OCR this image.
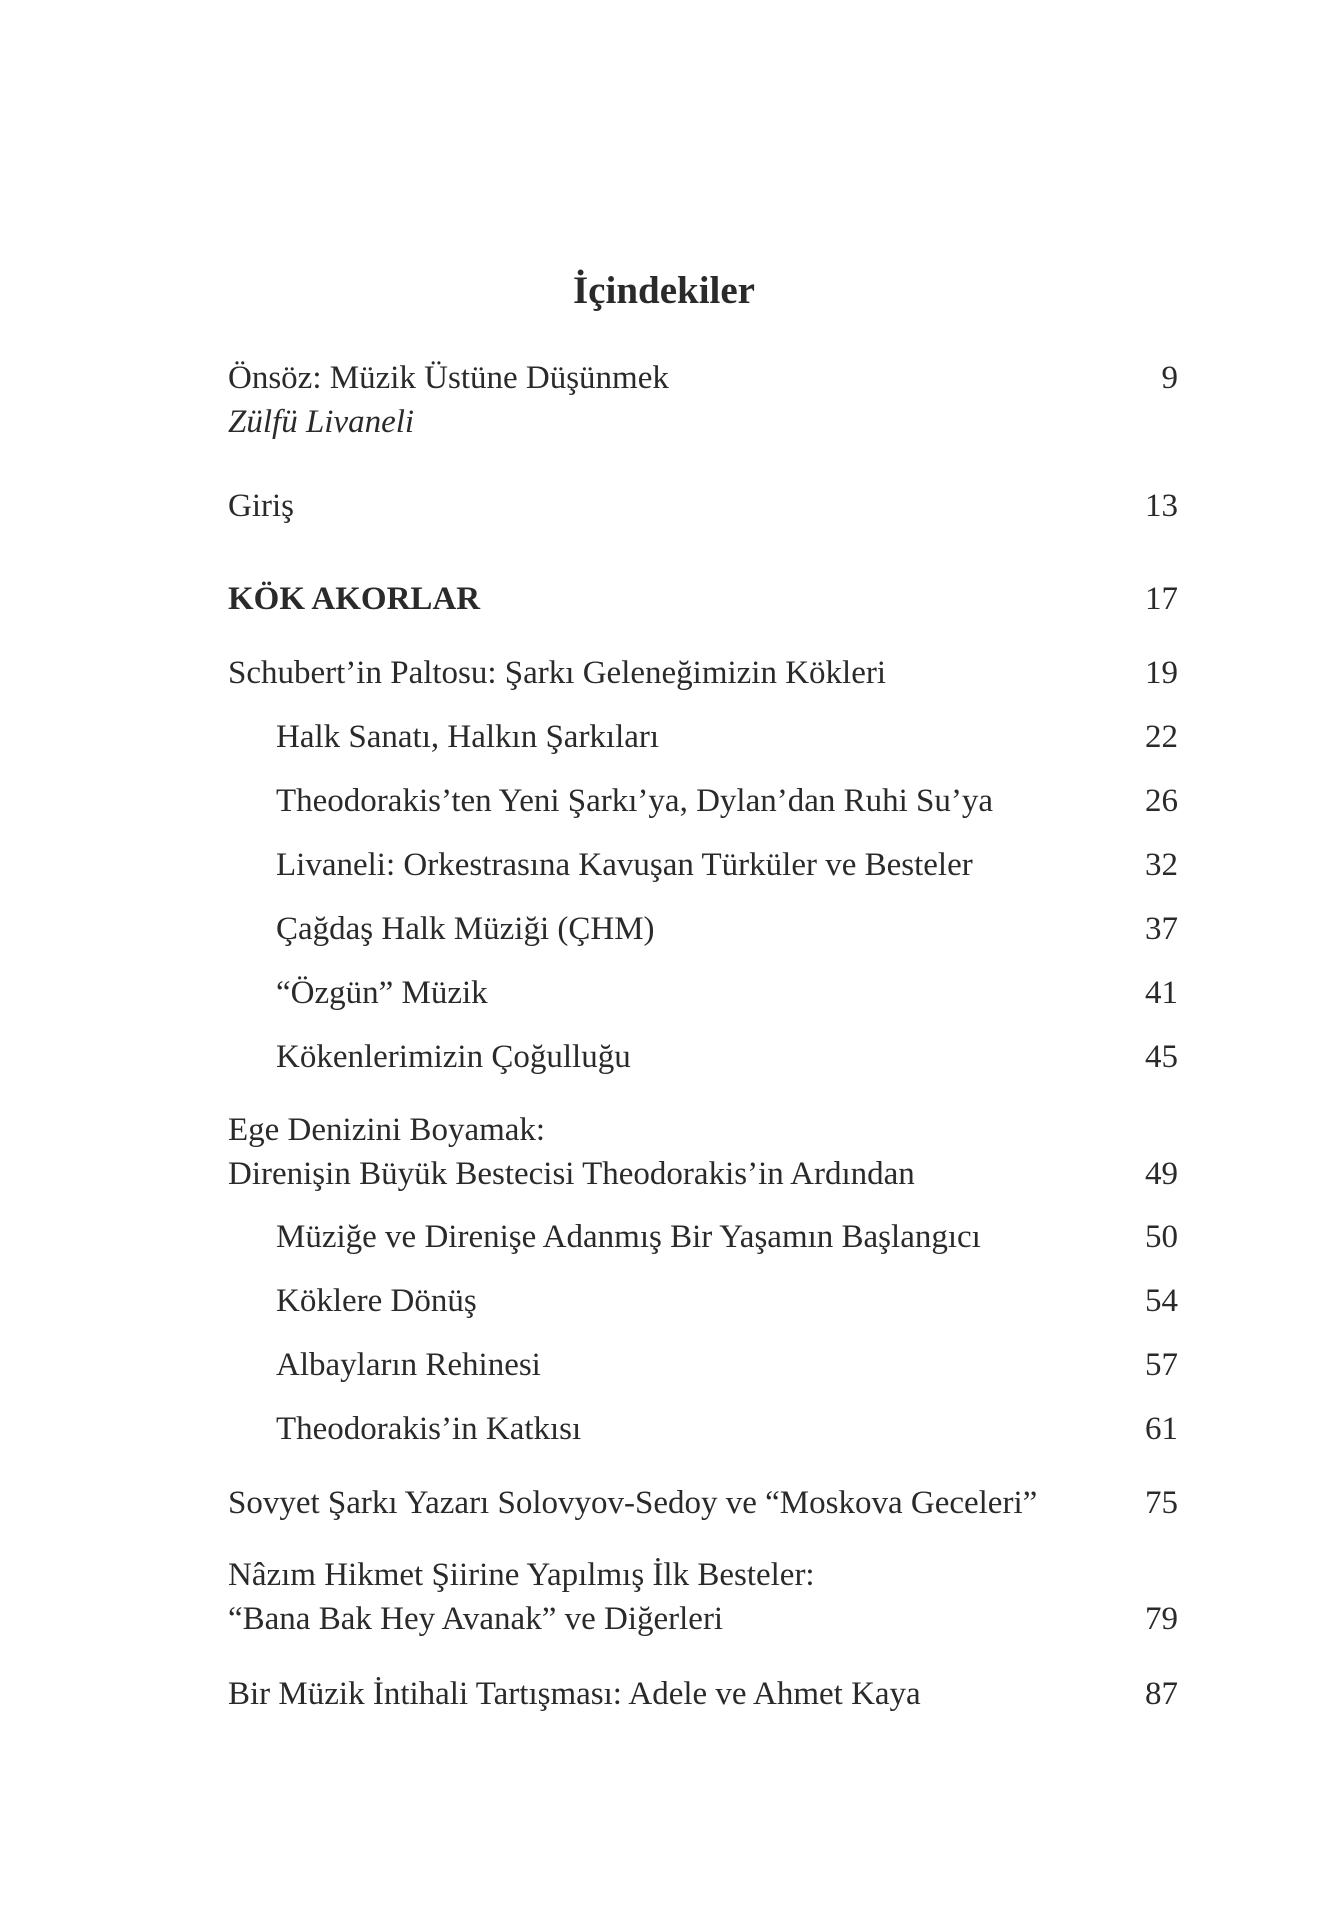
İçindekiler
Önsöz: Müzik Üstüne Düşünmek	9
Zülfü Livaneli
Giriş	13
KÖK AKORLAR	17
Schubert’in Paltosu: Şarkı Geleneğimizin Kökleri	19
Halk Sanatı, Halkın Şarkıları	22
Theodorakis’ten Yeni Şarkı’ya, Dylan’dan Ruhi Su’ya	26
Livaneli: Orkestrasına Kavuşan Türküler ve Besteler	32
Çağdaş Halk Müziği (ÇHM)	37
“Özgün” Müzik	41
Kökenlerimizin Çoğulluğu	45
Ege Denizini Boyamak:
Direnişin Büyük Bestecisi Theodorakis’in Ardından	49
Müziğe ve Direnişe Adanmış Bir Yaşamın Başlangıcı	50
Köklere Dönüş	54
Albayların Rehinesi	57
Theodorakis’in Katkısı	61
Sovyet Şarkı Yazarı Solovyov-Sedoy ve “Moskova Geceleri”	75
Nâzım Hikmet Şiirine Yapılmış İlk Besteler:
“Bana Bak Hey Avanak” ve Diğerleri	79
Bir Müzik İntihali Tartışması: Adele ve Ahmet Kaya	87
